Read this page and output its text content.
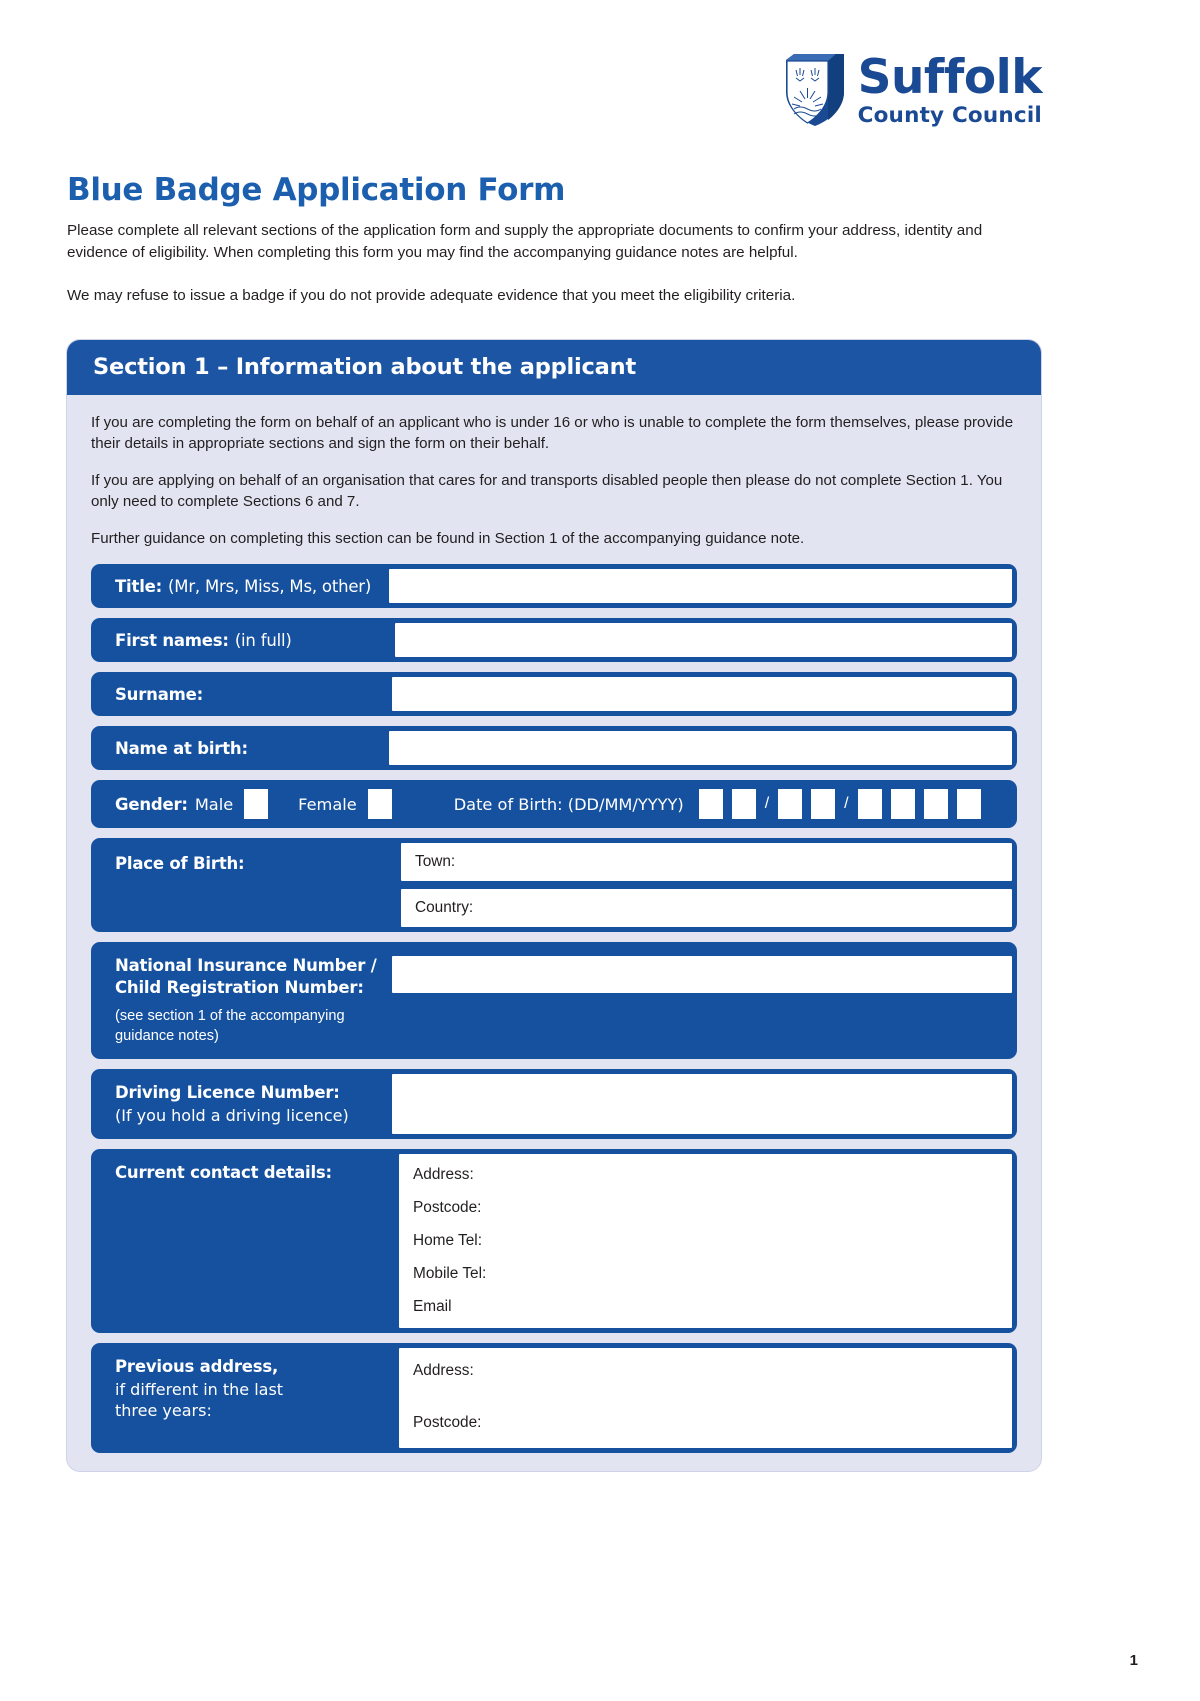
Suffolk
County Council
Blue Badge Application Form

Please complete all relevant sections of the application form and supply the appropriate documents to confirm your address, identity and evidence of eligibility. When completing this form you may find the accompanying guidance notes are helpful.

We may refuse to issue a badge if you do not provide adequate evidence that you meet the eligibility criteria.

Section 1 – Information about the applicant

If you are completing the form on behalf of an applicant who is under 16 or who is unable to complete the form themselves, please provide their details in appropriate sections and sign the form on their behalf.

If you are applying on behalf of an organisation that cares for and transports disabled people then please do not complete Section 1. You only need to complete Sections 6 and 7.

Further guidance on completing this section can be found in Section 1 of the accompanying guidance note.

Title: (Mr, Mrs, Miss, Ms, other)
First names: (in full)
Surname:
Name at birth:
Gender: Male	Female	Date of Birth: (DD/MM/YYYY)	/	/
Place of Birth:	Town:
Country:
National Insurance Number /
Child Registration Number:
(see section 1 of the accompanying guidance notes)
Driving Licence Number:
(If you hold a driving licence)
Current contact details:	Address:
Postcode:
Home Tel:
Mobile Tel:
Email
Previous address,
if different in the last
three years:
Address:
Postcode:
1
